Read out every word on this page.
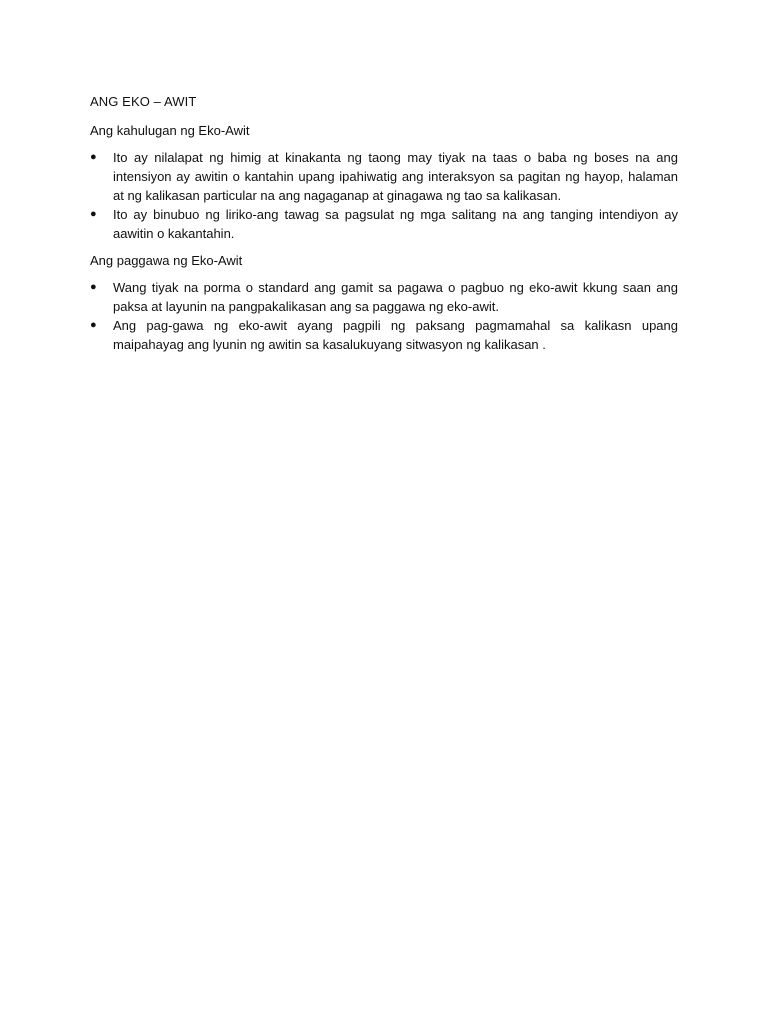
ANG EKO – AWIT

Ang kahulugan ng Eko-Awit

●	Ito ay nilalapat ng himig at kinakanta ng taong may tiyak na taas o baba ng boses na ang intensiyon ay awitin o kantahin upang ipahiwatig ang interaksyon sa pagitan ng hayop, halaman at ng kalikasan particular na ang nagaganap at ginagawa ng tao sa kalikasan.
●	Ito ay binubuo ng liriko-ang tawag sa pagsulat ng mga salitang na ang tanging intendiyon ay aawitin o kakantahin.

Ang paggawa ng Eko-Awit

●	Wang tiyak na porma o standard ang gamit sa pagawa o pagbuo ng eko-awit kkung saan ang paksa at layunin na pangpakalikasan ang sa paggawa ng eko-awit.
●	Ang pag-gawa ng eko-awit ayang pagpili ng paksang pagmamahal sa kalikasn upang maipahayag ang lyunin ng awitin sa kasalukuyang sitwasyon ng kalikasan .
